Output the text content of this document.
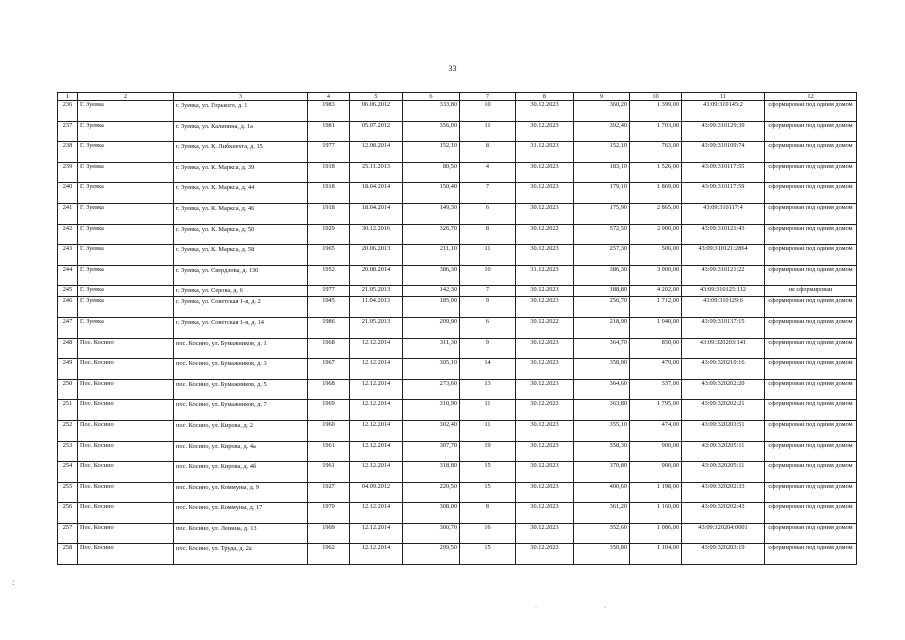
33
1	2	3	4	5	6	7	8	9	10	11	12
236	Г. Зуевка	г. Зуевка, ул. Горького, д. 1	1983	06.06.2012	333,80	10	30.12.2023	360,20	1 399,00	43:09:310145:2	сформирован под одним домом
237	Г. Зуевка	г. Зуевка, ул. Калинина, д. 1а	1981	05.07.2012	356,00	11	30.12.2023	392,40	1 703,00	43:09:310129:39	сформирован под одним домом
238	Г. Зуевка	г. Зуевка, ул. К. Либкнехта, д. 15	1977	12.08.2014	152,10	8	31.12.2023	152,10	763,00	43:09:310109:74	сформирован под одним домом
239	Г. Зуевка	г. Зуевка, ул. К. Маркса, д. 39	1918	25.11.2013	80,50	4	30.12.2023	183,10	1 526,00	43:09:310117:55	сформирован под одним домом
240	Г. Зуевка	г. Зуевка, ул. К. Маркса, д. 44	1918	18.04.2014	150,40	7	30.12.2023	179,10	1 869,00	43:09:310117:59	сформирован под одним домом
241	Г. Зуевка	г. Зуевка, ул. К. Маркса, д. 46	1918	18.04.2014	149,30	6	30.12.2023	175,90	2 865,00	43:09:310117:4	сформирован под одним домом
242	Г. Зуевка	г. Зуевка, ул. К. Маркса, д. 50	1929	30.12.2016	326,70	8	30.12.2022	572,50	2 900,00	43:09:310121:43	сформирован под одним домом
243	Г. Зуевка	г. Зуевка, ул. К. Маркса, д. 58	1965	20.06.2013	211,10	11	30.12.2023	257,30	506,00	43:09:310121:2864	сформирован под одним домом
244	Г. Зуевка	г. Зуевка, ул. Свердлова, д. 130	1952	20.08.2014	386,30	10	31.12.2023	386,30	3 900,00	43:09:310121:22	сформирован под одним домом
245	Г. Зуевка	г. Зуевка, ул. Серова, д. 6	1977	21.05.2013	142,30	7	30.12.2023	188,80	4 202,00	43:09:310125:112	не сформирован
246	Г. Зуевка	г. Зуевка, ул. Советская 1-я, д. 2	1945	11.04.2013	185,00	9	30.12.2023	256,70	1 712,00	43:09:310129:6	сформирован под одним домом
247	Г. Зуевка	г. Зуевка, ул. Советская 1-я, д. 14	1986	21.05.2013	209,90	6	30.12.2022	218,90	1 040,00	43:09:310137:15	сформирован под одним домом
248	Пос. Косино	пос. Косино, ул. Бумажников, д. 1	1968	12.12.2014	311,30	9	30.12.2023	364,70	850,00	43:09:320203:141	сформирован под одним домом
249	Пос. Косино	пос. Косино, ул. Бумажников, д. 3	1967	12.12.2014	305,10	14	30.12.2023	358,90	479,00	43:09:320210:16	сформирован под одним домом
250	Пос. Косино	пос. Косино, ул. Бумажников, д. 5	1968	12.12.2014	273,60	13	30.12.2023	364,60	337,00	43:09:320202:20	сформирован под одним домом
251	Пос. Косино	пос. Косино, ул. Бумажников, д. 7	1969	12.12.2014	310,90	11	30.12.2023	363,80	1 795,00	43:09:320202:21	сформирован под одним домом
252	Пос. Косино	пос. Косино, ул. Кирова, д. 2	1960	12.12.2014	302,40	11	30.12.2023	355,10	474,00	43:09:320203:51	сформирован под одним домом
253	Пос. Косино	пос. Косино, ул. Кирова, д. 4а	1961	12.12.2014	307,70	19	30.12.2023	358,30	900,00	43:09:320205:11	сформирован под одним домом
254	Пос. Косино	пос. Косино, ул. Кирова, д. 4б	1961	12.12.2014	318,80	15	30.12.2023	370,80	900,00	43:09:320205:11	сформирован под одним домом
255	Пос. Косино	пос. Косино, ул. Коммуны, д. 9	1927	04.09.2012	220,50	15	30.12.2023	400,60	1 198,00	43:09:320202:33	сформирован под одним домом
256	Пос. Косино	пос. Косино, ул. Коммуны, д. 17	1970	12.12.2014	308,00	8	30.12.2023	361,20	1 160,00	43:09:320202:43	сформирован под одним домом
257	Пос. Косино	пос. Косино, ул. Ленина, д. 13	1969	12.12.2014	300,70	16	30.12.2023	352,60	1 086,00	43:09:320204:0001	сформирован под одним домом
258	Пос. Косино	пос. Косино, ул. Труда, д. 2а	1962	12.12.2014	299,50	15	30.12.2023	350,80	1 104,00	43:09:320203:19	сформирован под одним домом
:
.	.
